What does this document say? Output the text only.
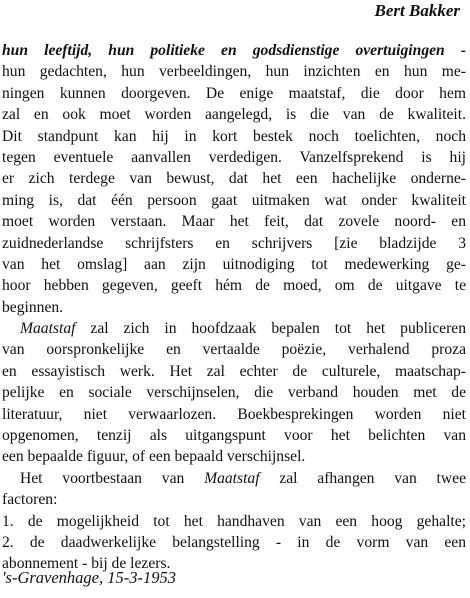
Bert Bakker

hun leeftijd, hun politieke en godsdienstige overtuigingen -
hun gedachten, hun verbeeldingen, hun inzichten en hun me-
ningen kunnen doorgeven. De enige maatstaf, die door hem
zal en ook moet worden aangelegd, is die van de kwaliteit.
Dit standpunt kan hij in kort bestek noch toelichten, noch
tegen eventuele aanvallen verdedigen. Vanzelfsprekend is hij
er zich terdege van bewust, dat het een hachelijke onderne-
ming is, dat één persoon gaat uitmaken wat onder kwaliteit
moet worden verstaan. Maar het feit, dat zovele noord- en
zuidnederlandse schrijfsters en schrijvers [zie bladzijde 3
van het omslag] aan zijn uitnodiging tot medewerking ge-
hoor hebben gegeven, geeft hém de moed, om de uitgave te
beginnen.
Maatstaf zal zich in hoofdzaak bepalen tot het publiceren
van oorspronkelijke en vertaalde poëzie, verhalend proza
en essayistisch werk. Het zal echter de culturele, maatschap-
pelijke en sociale verschijnselen, die verband houden met de
literatuur, niet verwaarlozen. Boekbesprekingen worden niet
opgenomen, tenzij als uitgangspunt voor het belichten van
een bepaalde figuur, of een bepaald verschijnsel.
Het voortbestaan van Maatstaf zal afhangen van twee
factoren:
1. de mogelijkheid tot het handhaven van een hoog gehalte;
2. de daadwerkelijke belangstelling - in de vorm van een
abonnement - bij de lezers.

's-Gravenhage, 15-3-1953
